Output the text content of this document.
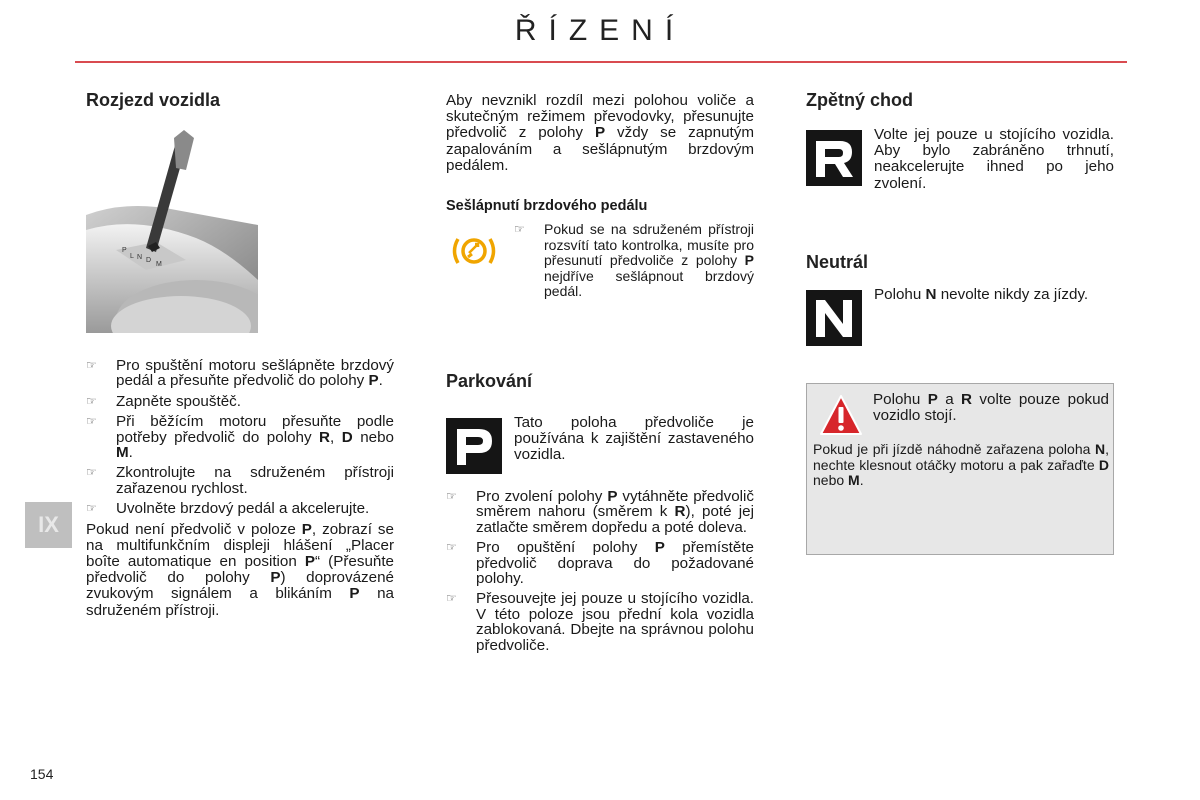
ŘÍZENÍ
IX
154
Rozjezd vozidla
P
L N D
M
☞ Pro spuštění motoru sešlápněte brzdový pedál a přesuňte předvolič do polohy P.
☞ Zapněte spouštěč.
☞ Při běžícím motoru přesuňte podle potřeby předvolič do polohy R, D nebo M.
☞ Zkontrolujte na sdruženém přístroji zařazenou rychlost.
☞ Uvolněte brzdový pedál a akcelerujte.
Pokud není předvolič v poloze P, zobrazí se na multifunkčním displeji hlášení „Placer boîte automatique en position P“ (Přesuňte předvolič do polohy P) doprovázené zvukovým signálem a blikáním P na sdruženém přístroji.
Aby nevznikl rozdíl mezi polohou voliče a skutečným režimem převodovky, přesunujte předvolič z polohy P vždy se zapnutým zapalováním a sešlápnutým brzdovým pedálem.
Sešlápnutí brzdového pedálu
☞ Pokud se na sdruženém přístroji rozsvítí tato kontrolka, musíte pro přesunutí předvoliče z polohy P nejdříve sešlápnout brzdový pedál.
Parkování
Tato poloha předvoliče je používána k zajištění zastaveného vozidla.
☞ Pro zvolení polohy P vytáhněte předvolič směrem nahoru (směrem k R), poté jej zatlačte směrem dopředu a poté doleva.
☞ Pro opuštění polohy P přemístěte předvolič doprava do požadované polohy.
☞ Přesouvejte jej pouze u stojícího vozidla. V této poloze jsou přední kola vozidla zablokovaná. Dbejte na správnou polohu předvoliče.
Zpětný chod
Volte jej pouze u stojícího vozidla. Aby bylo zabráněno trhnutí, neakcelerujte ihned po jeho zvolení.
Neutrál
Polohu N nevolte nikdy za jízdy.
Polohu P a R volte pouze pokud vozidlo stojí.
Pokud je při jízdě náhodně zařazena poloha N, nechte klesnout otáčky motoru a pak zařaďte D nebo M.
